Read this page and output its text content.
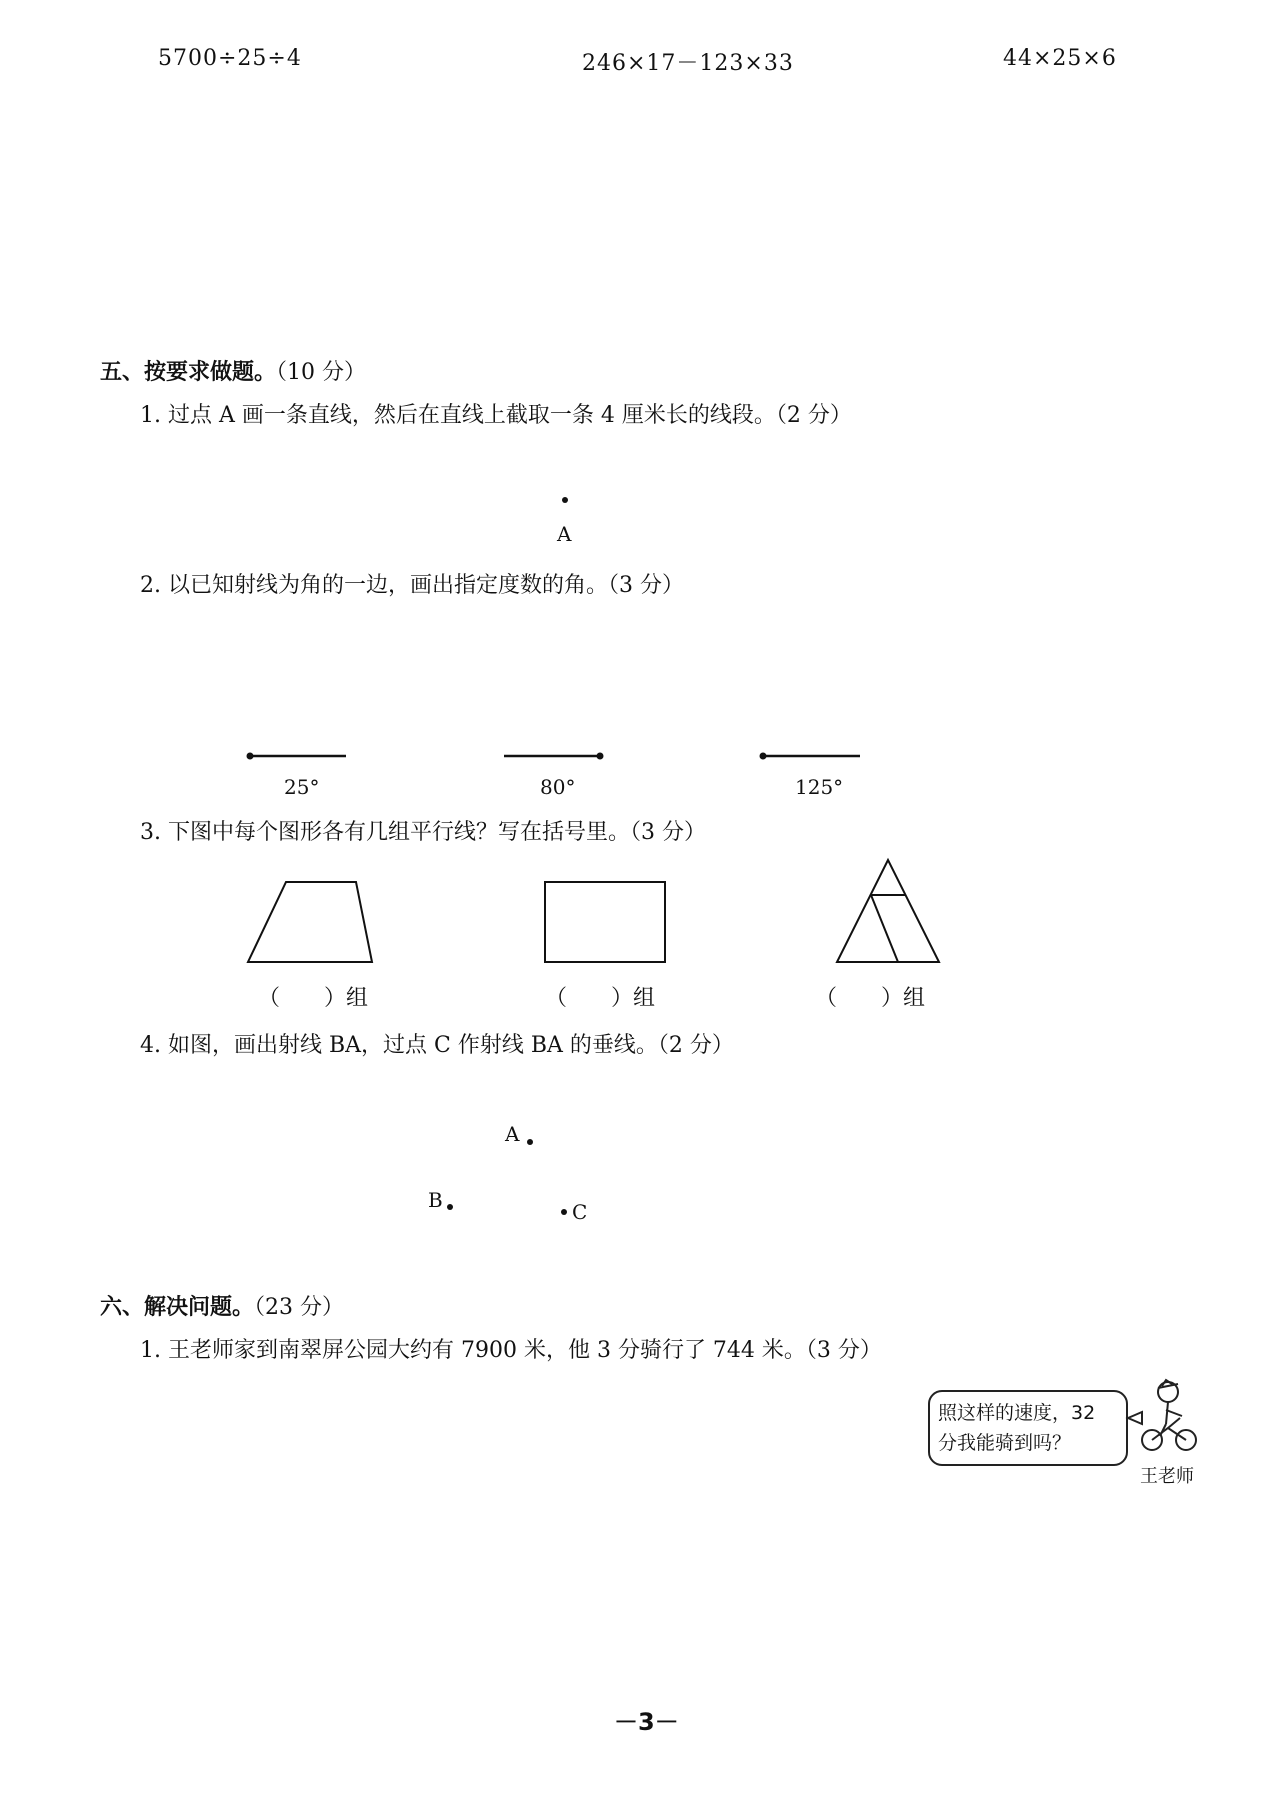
5700÷25÷4	246×17－123×33	44×25×6
五、按要求做题。（10 分）
1. 过点 A 画一条直线，然后在直线上截取一条 4 厘米长的线段。（2 分）
A
2. 以已知射线为角的一边，画出指定度数的角。（3 分）
25°	80°	125°
3. 下图中每个图形各有几组平行线？写在括号里。（3 分）
（　　）组	（　　）组	（　　）组
4. 如图，画出射线 BA，过点 C 作射线 BA 的垂线。（2 分）
A
B	C
六、解决问题。（23 分）
1. 王老师家到南翠屏公园大约有 7900 米，他 3 分骑行了 744 米。（3 分）
照这样的速度，32 分我能骑到吗？
王老师
－3－
